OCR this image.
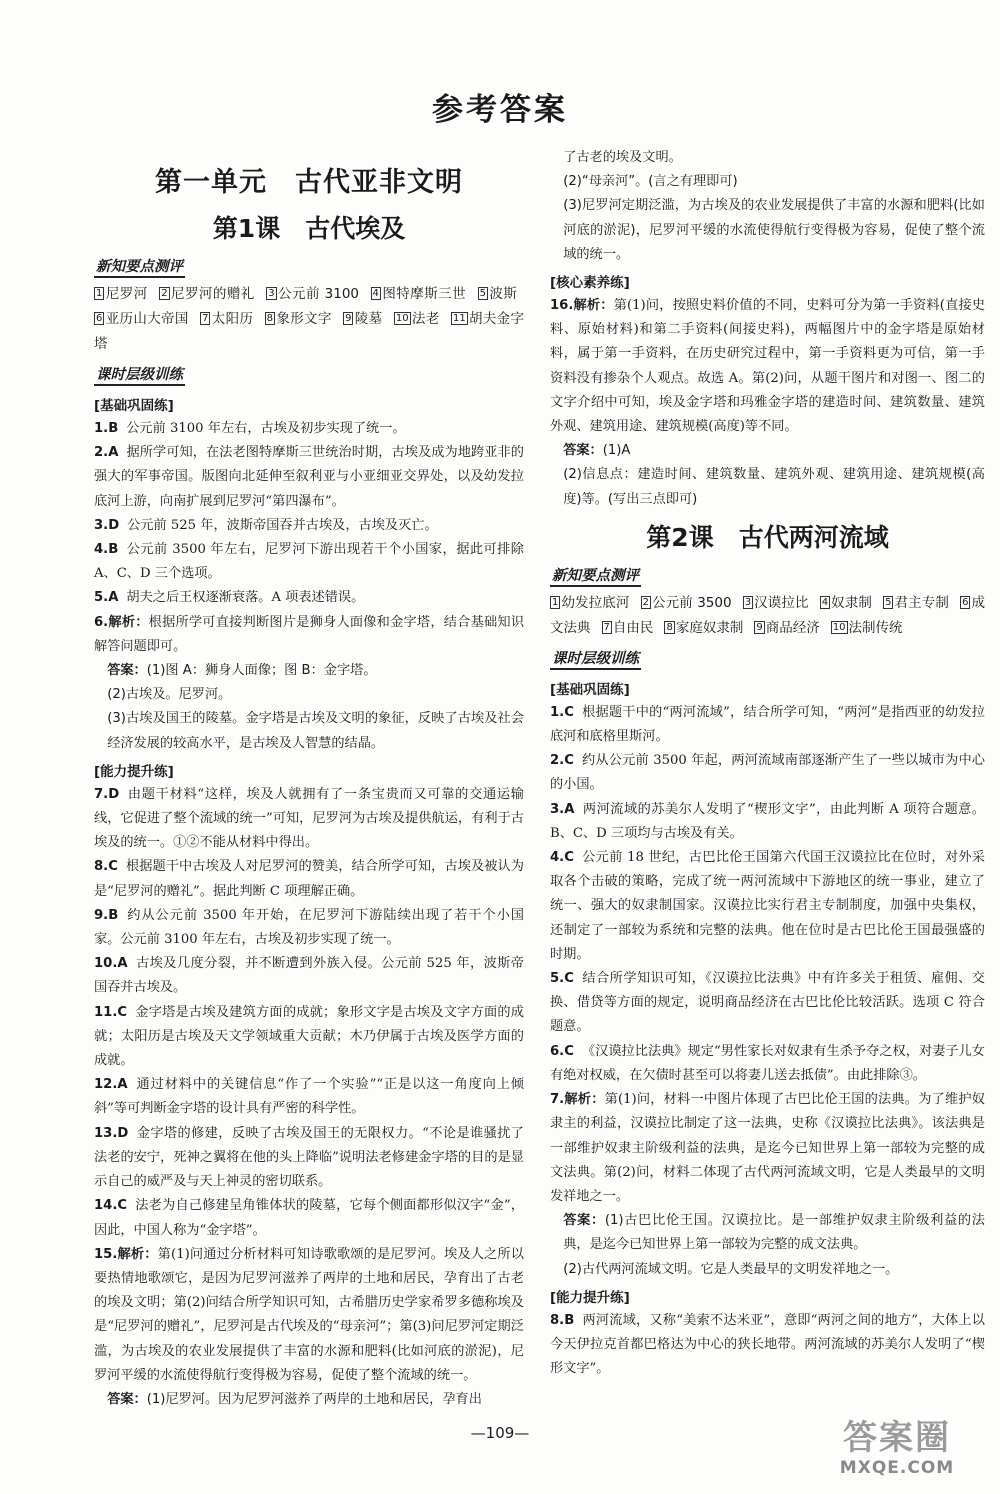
参考答案
第一单元　古代亚非文明
第1课　古代埃及
新知要点测评

1 尼罗河  2 尼罗河的赠礼  3 公元前 3100  4 图特摩斯三世  5 波斯  6 亚历山大帝国  7 太阳历  8 象形文字  9 陵墓  10 法老  11 胡夫金字塔 

课时层级训练
[基础巩固练]

1.B 公元前 3100 年左右，古埃及初步实现了统一。

2.A 据所学可知，在法老图特摩斯三世统治时期，古埃及成为地跨亚非的强大的军事帝国。版图向北延伸至叙利亚与小亚细亚交界处，以及幼发拉底河上游，向南扩展到尼罗河“第四瀑布”。

3.D 公元前 525 年，波斯帝国吞并古埃及，古埃及灭亡。

4.B 公元前 3500 年左右，尼罗河下游出现若干个小国家，据此可排除 A、C、D 三个选项。

5.A 胡夫之后王权逐渐衰落。A 项表述错误。

6.解析：根据所学可直接判断图片是狮身人面像和金字塔，结合基础知识解答问题即可。

答案：(1)图 A：狮身人面像；图 B：金字塔。

(2)古埃及。尼罗河。

(3)古埃及国王的陵墓。金字塔是古埃及文明的象征，反映了古埃及社会经济发展的较高水平，是古埃及人智慧的结晶。

[能力提升练]

7.D 由题干材料“这样，埃及人就拥有了一条宝贵而又可靠的交通运输线，它促进了整个流域的统一”可知，尼罗河为古埃及提供航运，有利于古埃及的统一。①②不能从材料中得出。

8.C 根据题干中古埃及人对尼罗河的赞美，结合所学可知，古埃及被认为是“尼罗河的赠礼”。据此判断 C 项理解正确。

9.B 约从公元前 3500 年开始，在尼罗河下游陆续出现了若干个小国家。公元前 3100 年左右，古埃及初步实现了统一。

10.A 古埃及几度分裂，并不断遭到外族入侵。公元前 525 年，波斯帝国吞并古埃及。

11.C 金字塔是古埃及建筑方面的成就；象形文字是古埃及文字方面的成就；太阳历是古埃及天文学领域重大贡献；木乃伊属于古埃及医学方面的成就。

12.A 通过材料中的关键信息“作了一个实验”“正是以这一角度向上倾斜”等可判断金字塔的设计具有严密的科学性。

13.D 金字塔的修建，反映了古埃及国王的无限权力。“不论是谁骚扰了法老的安宁，死神之翼将在他的头上降临”说明法老修建金字塔的目的是显示自己的威严及与天上神灵的密切联系。

14.C 法老为自己修建呈角锥体状的陵墓，它每个侧面都形似汉字“金”，因此，中国人称为“金字塔”。

15.解析：第(1)问通过分析材料可知诗歌歌颂的是尼罗河。埃及人之所以要热情地歌颂它，是因为尼罗河滋养了两岸的土地和居民，孕育出了古老的埃及文明；第(2)问结合所学知识可知，古希腊历史学家希罗多德称埃及是“尼罗河的赠礼”，尼罗河是古代埃及的“母亲河”；第(3)问尼罗河定期泛滥，为古埃及的农业发展提供了丰富的水源和肥料(比如河底的淤泥)，尼罗河平缓的水流使得航行变得极为容易，促使了整个流域的统一。

答案：(1)尼罗河。因为尼罗河滋养了两岸的土地和居民，孕育出

了古老的埃及文明。

(2)“母亲河”。(言之有理即可)

(3)尼罗河定期泛滥，为古埃及的农业发展提供了丰富的水源和肥料(比如河底的淤泥)，尼罗河平缓的水流使得航行变得极为容易，促使了整个流域的统一。

[核心素养练]

16.解析：第(1)问，按照史料价值的不同，史料可分为第一手资料(直接史料、原始材料)和第二手资料(间接史料)，两幅图片中的金字塔是原始材料，属于第一手资料，在历史研究过程中，第一手资料更为可信，第一手资料没有掺杂个人观点。故选 A。第(2)问，从题干图片和对图一、图二的文字介绍中可知，埃及金字塔和玛雅金字塔的建造时间、建筑数量、建筑外观、建筑用途、建筑规模(高度)等不同。

答案：(1)A

(2)信息点：建造时间、建筑数量、建筑外观、建筑用途、建筑规模(高度)等。(写出三点即可)

第2课　古代两河流域
新知要点测评

1 幼发拉底河  2 公元前 3500  3 汉谟拉比  4 奴隶制  5 君主专制  6 成文法典  7 自由民  8 家庭奴隶制  9 商品经济  10 法制传统 

课时层级训练
[基础巩固练]

1.C 根据题干中的“两河流域”，结合所学可知，“两河”是指西亚的幼发拉底河和底格里斯河。

2.C 约从公元前 3500 年起，两河流域南部逐渐产生了一些以城市为中心的小国。

3.A 两河流域的苏美尔人发明了“楔形文字”，由此判断 A 项符合题意。B、C、D 三项均与古埃及有关。

4.C 公元前 18 世纪，古巴比伦王国第六代国王汉谟拉比在位时，对外采取各个击破的策略，完成了统一两河流域中下游地区的统一事业，建立了统一、强大的奴隶制国家。汉谟拉比实行君主专制制度，加强中央集权，还制定了一部较为系统和完整的法典。他在位时是古巴比伦王国最强盛的时期。

5.C 结合所学知识可知，《汉谟拉比法典》中有许多关于租赁、雇佣、交换、借贷等方面的规定，说明商品经济在古巴比伦比较活跃。选项 C 符合题意。

6.C 《汉谟拉比法典》规定“男性家长对奴隶有生杀予夺之权，对妻子儿女有绝对权威，在欠债时甚至可以将妻儿送去抵债”。由此排除③。

7.解析：第(1)问，材料一中图片体现了古巴比伦王国的法典。为了维护奴隶主的利益，汉谟拉比制定了这一法典，史称《汉谟拉比法典》。该法典是一部维护奴隶主阶级利益的法典，是迄今已知世界上第一部较为完整的成文法典。第(2)问，材料二体现了古代两河流域文明，它是人类最早的文明发祥地之一。

答案：(1)古巴比伦王国。汉谟拉比。是一部维护奴隶主阶级利益的法典，是迄今已知世界上第一部较为完整的成文法典。

(2)古代两河流域文明。它是人类最早的文明发祥地之一。

[能力提升练]

8.B 两河流域，又称“美索不达米亚”，意即“两河之间的地方”，大体上以今天伊拉克首都巴格达为中心的狭长地带。两河流域的苏美尔人发明了“楔形文字”。

—109—	答案圈
MXQE.COM
